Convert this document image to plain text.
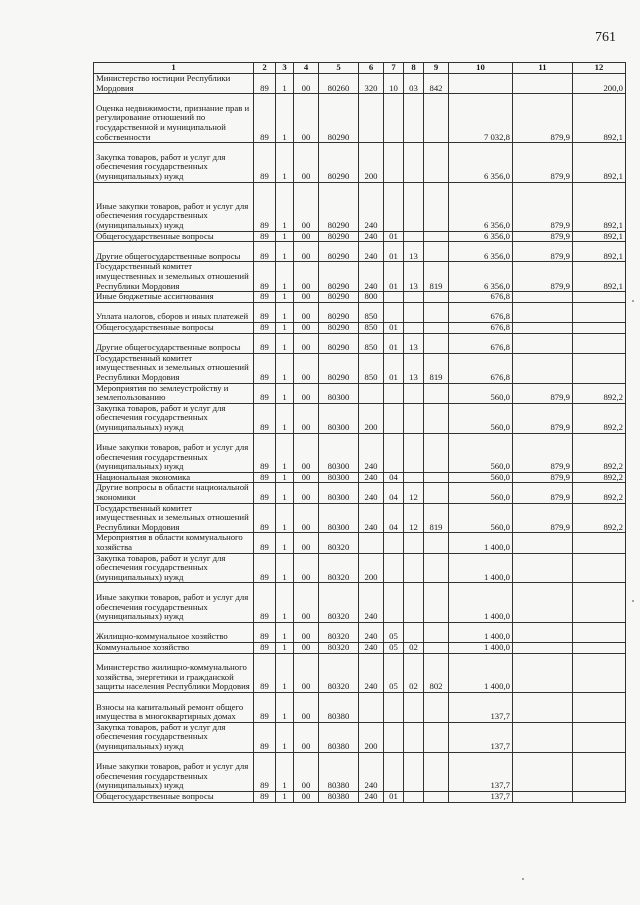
761
1	2	3	4	5	6	7	8	9	10	11	12
Министерство юстиции Республики Мордовия	89	1	00	80260	320	10	03	842			200,0
Оценка недвижимости, признание прав и регулирование отношений по государственной и муниципальной собственности	89	1	00	80290					7 032,8	879,9	892,1
Закупка товаров, работ и услуг для обеспечения государственных (муниципальных) нужд	89	1	00	80290	200				6 356,0	879,9	892,1
Иные закупки товаров, работ и услуг для обеспечения государственных (муниципальных) нужд	89	1	00	80290	240				6 356,0	879,9	892,1
Общегосударственные вопросы	89	1	00	80290	240	01			6 356,0	879,9	892,1
Другие общегосударственные вопросы	89	1	00	80290	240	01	13		6 356,0	879,9	892,1
Государственный комитет имущественных и земельных отношений Республики Мордовия	89	1	00	80290	240	01	13	819	6 356,0	879,9	892,1
Иные бюджетные ассигнования	89	1	00	80290	800				676,8		
Уплата налогов, сборов и иных платежей	89	1	00	80290	850				676,8		
Общегосударственные вопросы	89	1	00	80290	850	01			676,8		
Другие общегосударственные вопросы	89	1	00	80290	850	01	13		676,8		
Государственный комитет имущественных и земельных отношений Республики Мордовия	89	1	00	80290	850	01	13	819	676,8		
Мероприятия по землеустройству и землепользованию	89	1	00	80300					560,0	879,9	892,2
Закупка товаров, работ и услуг для обеспечения государственных (муниципальных) нужд	89	1	00	80300	200				560,0	879,9	892,2
Иные закупки товаров, работ и услуг для обеспечения государственных (муниципальных) нужд	89	1	00	80300	240				560,0	879,9	892,2
Национальная экономика	89	1	00	80300	240	04			560,0	879,9	892,2
Другие вопросы в области национальной экономики	89	1	00	80300	240	04	12		560,0	879,9	892,2
Государственный комитет имущественных и земельных отношений Республики Мордовия	89	1	00	80300	240	04	12	819	560,0	879,9	892,2
Мероприятия в области коммунального хозяйства	89	1	00	80320					1 400,0		
Закупка товаров, работ и услуг для обеспечения государственных (муниципальных) нужд	89	1	00	80320	200				1 400,0		
Иные закупки товаров, работ и услуг для обеспечения государственных (муниципальных) нужд	89	1	00	80320	240				1 400,0		
Жилищно-коммунальное хозяйство	89	1	00	80320	240	05			1 400,0		
Коммунальное хозяйство	89	1	00	80320	240	05	02		1 400,0		
Министерство жилищно-коммунального хозяйства, энергетики и гражданской защиты населения Республики Мордовия	89	1	00	80320	240	05	02	802	1 400,0		
Взносы на капитальный ремонт общего имущества в многоквартирных домах	89	1	00	80380					137,7		
Закупка товаров, работ и услуг для обеспечения государственных (муниципальных) нужд	89	1	00	80380	200				137,7		
Иные закупки товаров, работ и услуг для обеспечения государственных (муниципальных) нужд	89	1	00	80380	240				137,7		
Общегосударственные вопросы	89	1	00	80380	240	01			137,7		
